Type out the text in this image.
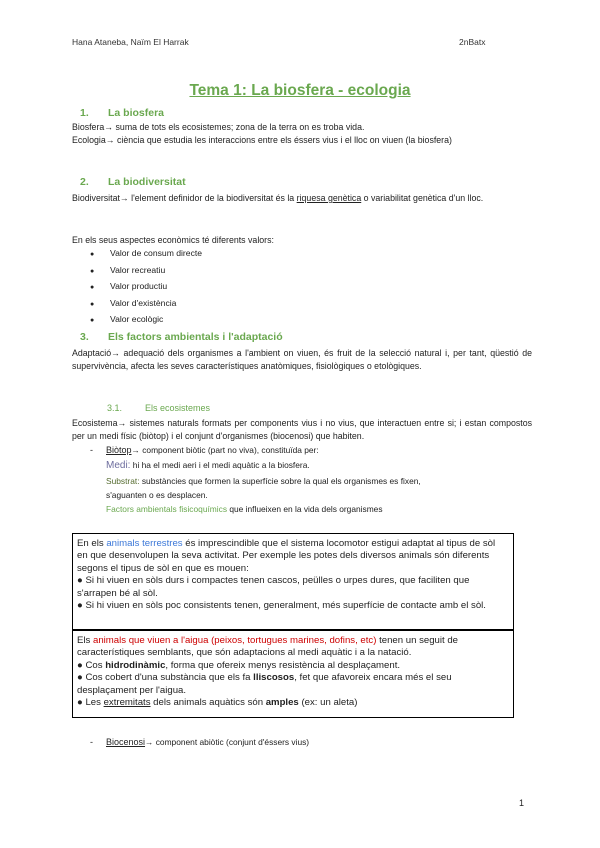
Hana Ataneba, Naïm El Harrak	2nBatx
Tema 1: La biosfera - ecologia
1. La biosfera
Biosfera→ suma de tots els ecosistemes; zona de la terra on es troba vida.
Ecologia→ ciència que estudia les interaccions entre els éssers vius i el lloc on viuen (la biosfera)
2. La biodiversitat
Biodiversitat→ l'element definidor de la biodiversitat és la riquesa genètica o variabilitat genètica d'un lloc.
En els seus aspectes econòmics té diferents valors:
● Valor de consum directe
● Valor recreatiu
● Valor productiu
● Valor d'existència
● Valor ecològic
3. Els factors ambientals i l'adaptació
Adaptació→ adequació dels organismes a l'ambient on viuen, és fruit de la selecció natural i, per tant, qüestió de supervivència, afecta les seves característiques anatòmiques, fisiològiques o etològiques.
3.1.	Els ecosistemes
Ecosistema→ sistemes naturals formats per components vius i no vius, que interactuen entre si; i estan compostos per un medi físic (biòtop) i el conjunt d'organismes (biocenosi) que habiten.
- Biòtop→ component biòtic (part no viva), constituïda per:
Medi: hi ha el medi aeri i el medi aquàtic a la biosfera.
Substrat: substàncies que formen la superfície sobre la qual els organismes es fixen,
s'aguanten o es desplacen.
Factors ambientals fisicoquímics que influeixen en la vida dels organismes
En els animals terrestres és imprescindible que el sistema locomotor estigui adaptat al tipus de sòl en que desenvolupen la seva activitat. Per exemple les potes dels diversos animals són diferents segons el tipus de sòl en que es mouen:
● Si hi viuen en sòls durs i compactes tenen cascos, peülles o urpes dures, que faciliten que s'arrapen bé al sòl.
● Si hi viuen en sòls poc consistents tenen, generalment, més superfície de contacte amb el sòl.
Els animals que viuen a l'aigua (peixos, tortugues marines, dofins, etc) tenen un seguit de característiques semblants, que són adaptacions al medi aquàtic i a la natació.
● Cos hidrodinàmic, forma que ofereix menys resistència al desplaçament.
● Cos cobert d'una substància que els fa lliscosos, fet que afavoreix encara més el seu desplaçament per l'aigua.
● Les extremitats dels animals aquàtics són amples (ex: un aleta)
- Biocenosi→ component abiòtic (conjunt d'éssers vius)
1
